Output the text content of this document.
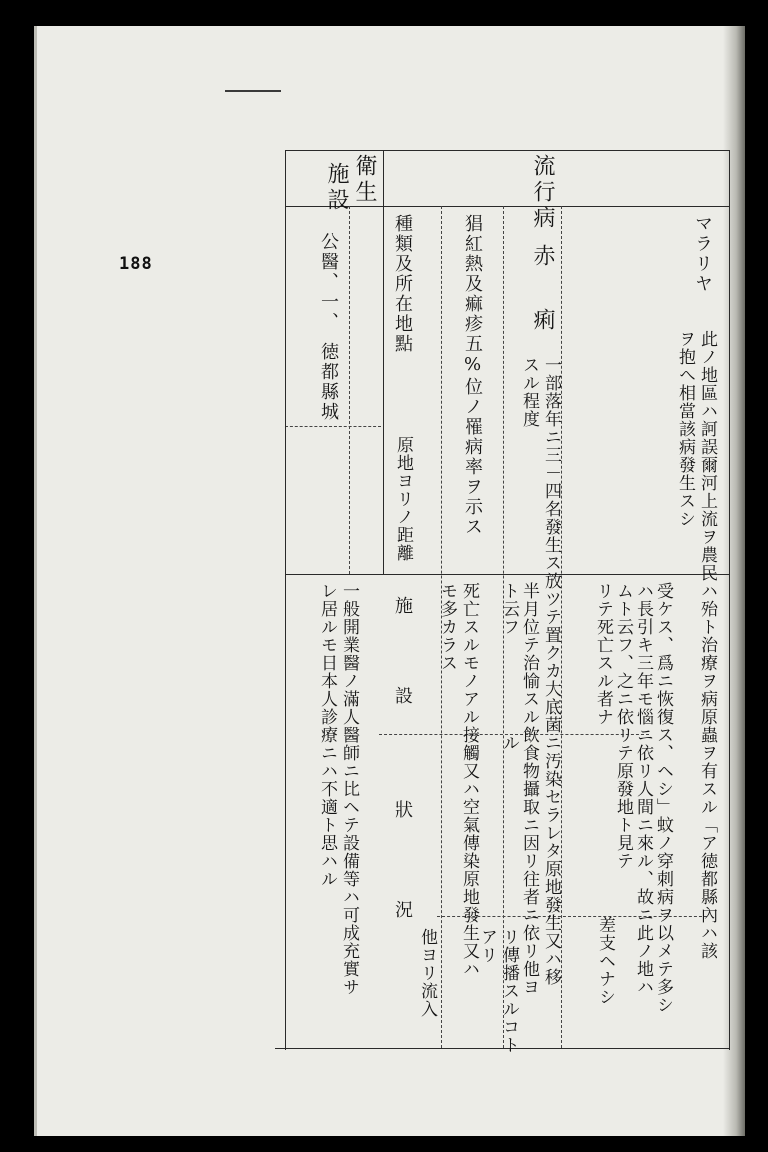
188
流行病
衛生
施設
マラリヤ
此ノ地區ハ訶誤爾河上流ヲ農民ハ殆ト治療ヲ病原蟲ヲ有スル「ア徳都縣內ハ該
ヲ抱へ相當該病發生スシ
受ケス、爲ニ恢復ス、ヘシ」蚊ノ穿刺病ヲ以メテ多シ
ハ長引キ三年モ惱ニ依リ人間ニ來ル、故ニ此ノ地ハ
ムト云フ、之ニ依リテ原發地ト見テ
リテ死亡スル者ナ
差支ヘナシ
赤
痢
一部落年ニ三－四名發生ス放ツテ置クカ大底菌ニ汚染セラレタ原地發生又ハ移
スル程度
半月位テ治愉スル飲食物攝取ニ因リ往者ニ依リ他ヨ
ト云フ
ル
リ傳播スルコト
アリ
猖紅熱及痲疹五%位ノ罹病率ヲ示ス
死亡スルモノアル接觸又ハ空氣傳染原地發生又ハ
モ多カラス
他ヨリ流入
種類及所在地點
原地ヨリノ距離
施
設
狀
況
公醫、一、
徳都縣城
一般開業醫ノ滿人醫師ニ比ヘテ設備等ハ可成充實サ
レ居ルモ日本人診療ニハ不適ト思ハル
